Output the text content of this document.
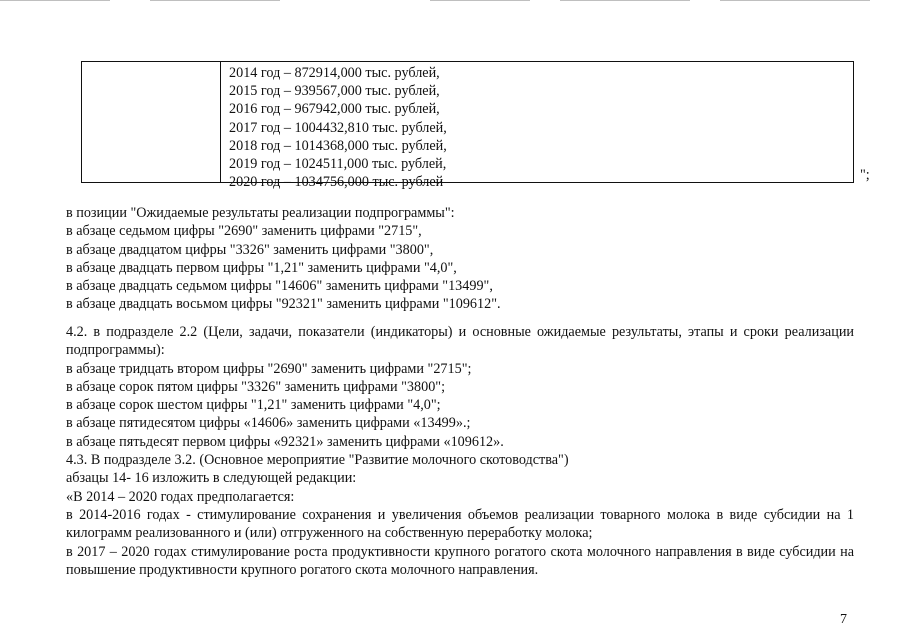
2014 год – 872914,000 тыс. рублей,
2015 год – 939567,000 тыс. рублей,
2016 год – 967942,000 тыс. рублей,
2017 год – 1004432,810 тыс. рублей,
2018 год – 1014368,000 тыс. рублей,
2019 год – 1024511,000 тыс. рублей,
2020 год – 1034756,000 тыс. рублей	";

в позиции "Ожидаемые результаты реализации подпрограммы":

в абзаце седьмом цифры "2690" заменить цифрами "2715",

в абзаце двадцатом цифры "3326" заменить цифрами "3800",

в абзаце двадцать первом цифры "1,21" заменить цифрами "4,0",

в абзаце двадцать седьмом цифры "14606" заменить цифрами "13499",

в абзаце двадцать восьмом цифры "92321" заменить цифрами "109612".

4.2. в подразделе 2.2 (Цели, задачи, показатели (индикаторы) и основные ожидаемые результаты, этапы и сроки реализации подпрограммы):

в абзаце тридцать втором цифры "2690" заменить цифрами "2715";

в абзаце сорок пятом цифры "3326" заменить цифрами "3800";

в абзаце сорок шестом цифры "1,21" заменить цифрами "4,0";

в абзаце пятидесятом цифры «14606» заменить цифрами «13499».;

в абзаце пятьдесят первом цифры «92321» заменить цифрами «109612».

4.3. В подразделе 3.2. (Основное мероприятие "Развитие молочного скотоводства")

абзацы 14- 16 изложить в следующей редакции:

«В 2014 – 2020 годах предполагается:

в 2014-2016 годах - стимулирование сохранения и увеличения объемов реализации товарного молока в виде субсидии на 1 килограмм реализованного и (или) отгруженного на собственную переработку молока;

в 2017 – 2020 годах стимулирование роста продуктивности крупного рогатого скота молочного направления в виде субсидии на повышение продуктивности крупного рогатого скота молочного направления.

7
